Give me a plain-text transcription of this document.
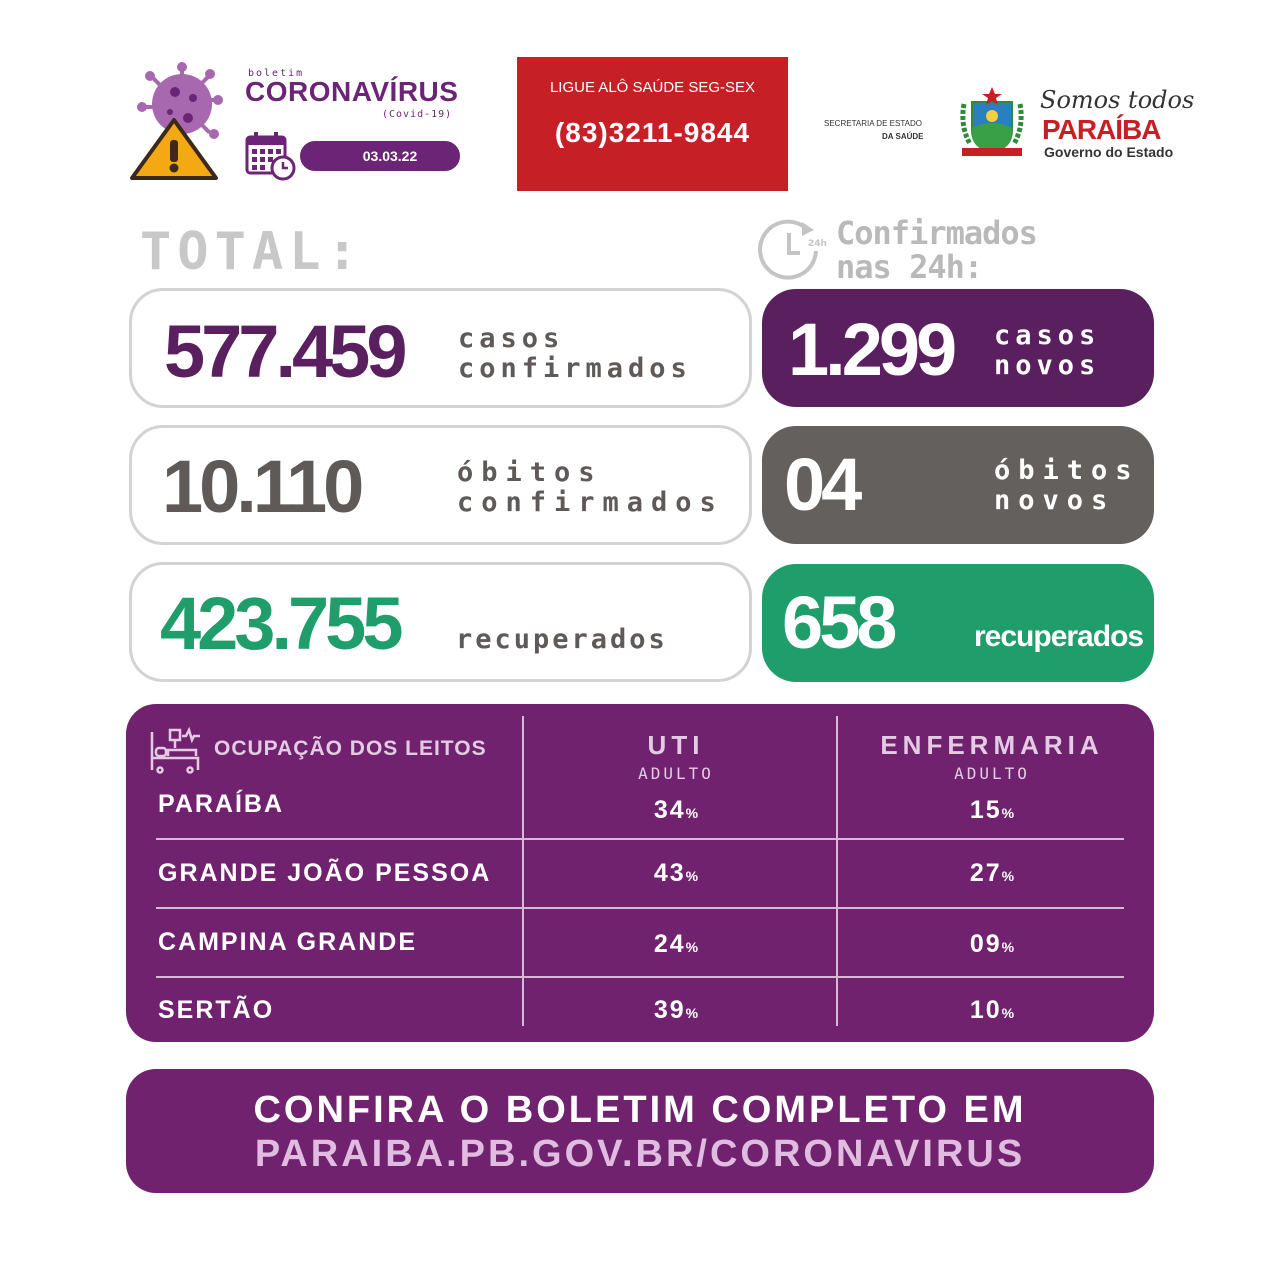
boletim
CORONAVÍRUS
(Covid-19)
03.03.22
LIGUE ALÔ SAÚDE SEG-SEX
(83)3211-9844	SECRETARIA DE ESTADO
DA SAÚDE
Somos todos
PARAÍBA
Governo do Estado
TOTAL:	24h Confirmados
nas 24h:
577.459 casos
confirmados
10.110	óbitos
confirmados
423.755 recuperados
1.299 casos
novos
04	óbitos
novos
658	recuperados
OCUPAÇÃO DOS LEITOS	UTI
ADULTO
ENFERMARIA
ADULTO
PARAÍBA	34%	15%
GRANDE JOÃO PESSOA	43%	27%
CAMPINA GRANDE	24%	09%
SERTÃO	39%	10%
CONFIRA O BOLETIM COMPLETO EM
PARAIBA.PB.GOV.BR/CORONAVIRUS
